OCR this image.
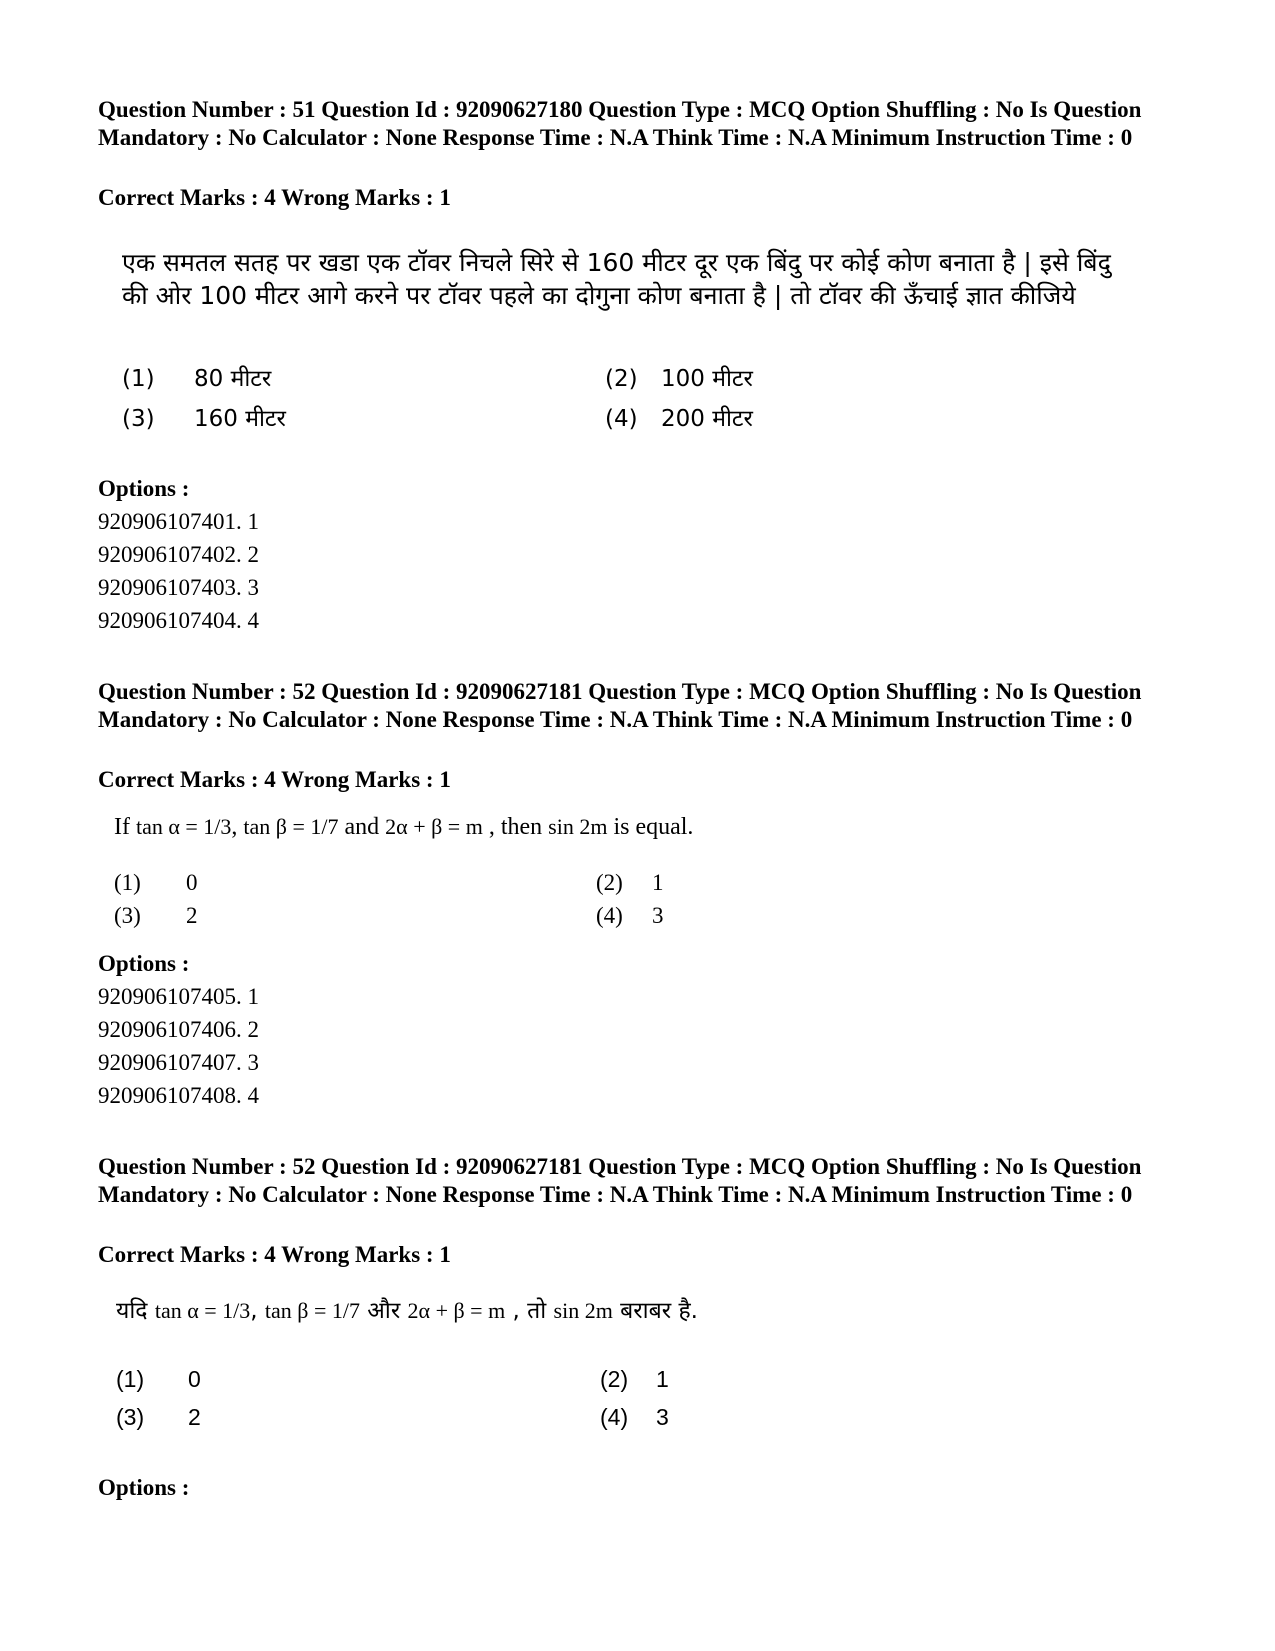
Question Number : 51 Question Id : 92090627180 Question Type : MCQ Option Shuffling : No Is Question Mandatory : No Calculator : None Response Time : N.A Think Time : N.A Minimum Instruction Time : 0

Correct Marks : 4 Wrong Marks : 1

एक समतल सतह पर खडा एक टॉवर निचले सिरे से 160 मीटर दूर एक बिंदु पर कोई कोण बनाता है | इसे बिंदु की ओर 100 मीटर आगे करने पर टॉवर पहले का दोगुना कोण बनाता है | तो टॉवर की ऊँचाई ज्ञात कीजिये

(1)	80 मीटर	(2)	100 मीटर
(3)	160 मीटर	(4)	200 मीटर

Options :

920906107401. 1
920906107402. 2
920906107403. 3
920906107404. 4

Question Number : 52 Question Id : 92090627181 Question Type : MCQ Option Shuffling : No Is Question Mandatory : No Calculator : None Response Time : N.A Think Time : N.A Minimum Instruction Time : 0

Correct Marks : 4 Wrong Marks : 1

If tan α = 1/3, tan β = 1/7 and 2α + β = m , then sin 2m is equal.

(1)	0	(2)	1
(3)	2	(4)	3

Options :

920906107405. 1
920906107406. 2
920906107407. 3
920906107408. 4

Question Number : 52 Question Id : 92090627181 Question Type : MCQ Option Shuffling : No Is Question Mandatory : No Calculator : None Response Time : N.A Think Time : N.A Minimum Instruction Time : 0

Correct Marks : 4 Wrong Marks : 1

यदि tan α = 1/3, tan β = 1/7 और 2α + β = m , तो sin 2m बराबर है.

(1)	0	(2)	1
(3)	2	(4)	3

Options :
